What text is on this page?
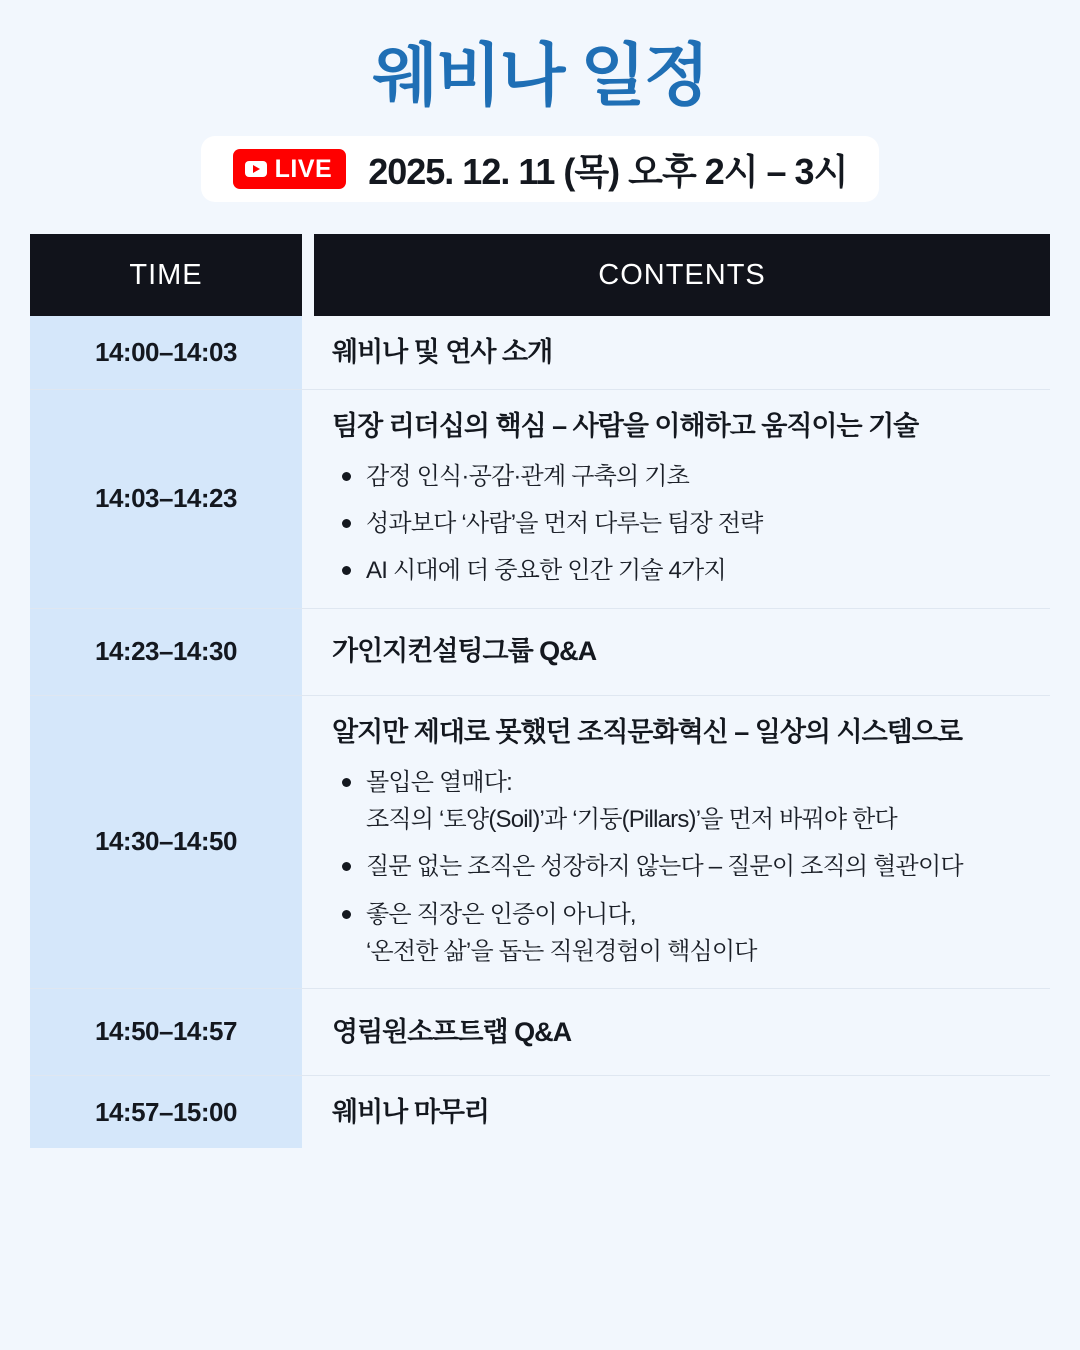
웨비나 일정
LIVE 2025. 12. 11 (목) 오후 2시 – 3시
TIME	CONTENTS
14:00–14:03	웨비나 및 연사 소개
14:03–14:23
팀장 리더십의 핵심 – 사람을 이해하고 움직이는 기술
감정 인식·공감·관계 구축의 기초
성과보다 ‘사람’을 먼저 다루는 팀장 전략
AI 시대에 더 중요한 인간 기술 4가지
14:23–14:30	가인지컨설팅그룹 Q&A
14:30–14:50
알지만 제대로 못했던 조직문화혁신 – 일상의 시스템으로
몰입은 열매다:
조직의 ‘토양(Soil)’과 ‘기둥(Pillars)’을 먼저 바꿔야 한다
질문 없는 조직은 성장하지 않는다 – 질문이 조직의 혈관이다
좋은 직장은 인증이 아니다,
‘온전한 삶’을 돕는 직원경험이 핵심이다
14:50–14:57	영림원소프트랩 Q&A
14:57–15:00	웨비나 마무리
